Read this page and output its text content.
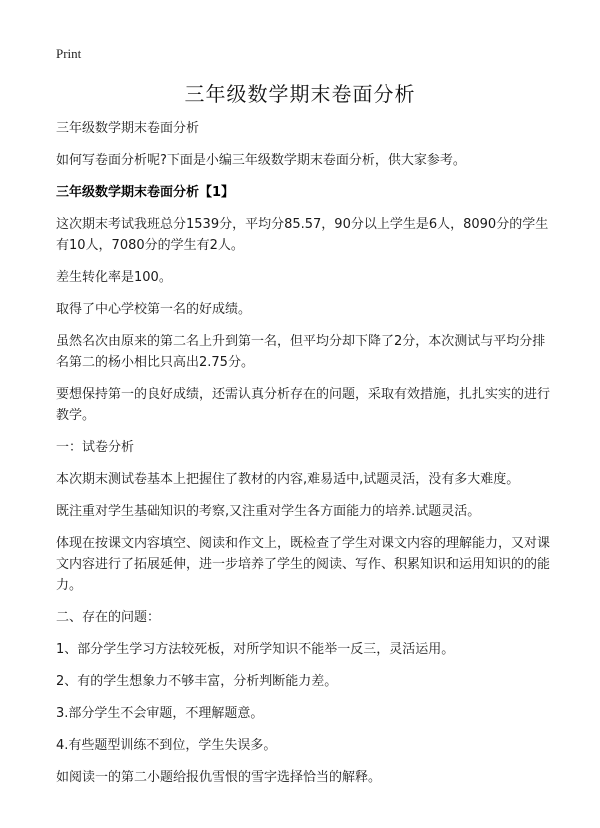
Print
三年级数学期末卷面分析

三年级数学期末卷面分析

如何写卷面分析呢?下面是小编三年级数学期末卷面分析，供大家参考。

三年级数学期末卷面分析【1】

这次期末考试我班总分1539分，平均分85.57，90分以上学生是6人，8090分的学生有10人，7080分的学生有2人。

差生转化率是100。

取得了中心学校第一名的好成绩。

虽然名次由原来的第二名上升到第一名，但平均分却下降了2分，本次测试与平均分排名第二的杨小相比只高出2.75分。

要想保持第一的良好成绩，还需认真分析存在的问题，采取有效措施，扎扎实实的进行教学。

一：试卷分析

本次期末测试卷基本上把握住了教材的内容,难易适中,试题灵活，没有多大难度。

既注重对学生基础知识的考察,又注重对学生各方面能力的培养.试题灵活。

体现在按课文内容填空、阅读和作文上，既检查了学生对课文内容的理解能力，又对课文内容进行了拓展延伸，进一步培养了学生的阅读、写作、积累知识和运用知识的的能力。

二、存在的问题：

1、部分学生学习方法较死板，对所学知识不能举一反三，灵活运用。

2、有的学生想象力不够丰富，分析判断能力差。

3.部分学生不会审题，不理解题意。

4.有些题型训练不到位，学生失误多。

如阅读一的第二小题给报仇雪恨的雪字选择恰当的解释。
